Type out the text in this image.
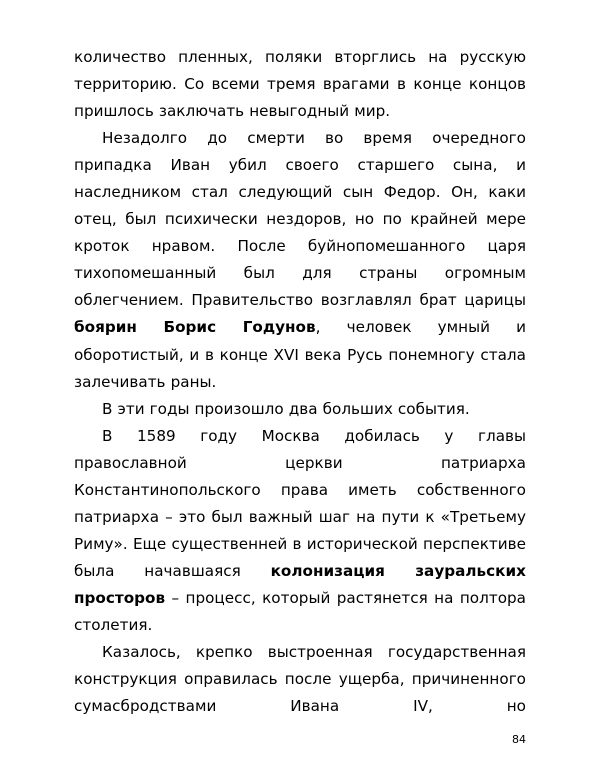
количество пленных, поляки вторглись на русскую территорию. Со всеми тремя врагами в конце концов пришлось заключать невыгодный мир.

Незадолго до смерти во время очередного припадка Иван убил своего старшего сына, и наследником стал следующий сын Федор. Он, каки отец, был психически нездоров, но по крайней мере кроток нравом. После буйнопомешанного царя тихопомешанный был для страны огромным облегчением. Правительство возглавлял брат царицы боярин Борис Годунов, человек умный и оборотистый, и в конце XVI века Русь понемногу стала залечивать раны.

В эти годы произошло два больших события.

В 1589 году Москва добилась у главы православной церкви патриарха Константинопольского права иметь собственного патриарха – это был важный шаг на пути к «Третьему Риму». Еще существенней в исторической перспективе была начавшаяся колонизация зауральских просторов – процесс, который растянется на полтора столетия.

Казалось, крепко выстроенная государственная конструкция оправилась после ущерба, причиненного сумасбродствами Ивана IV, но

84
